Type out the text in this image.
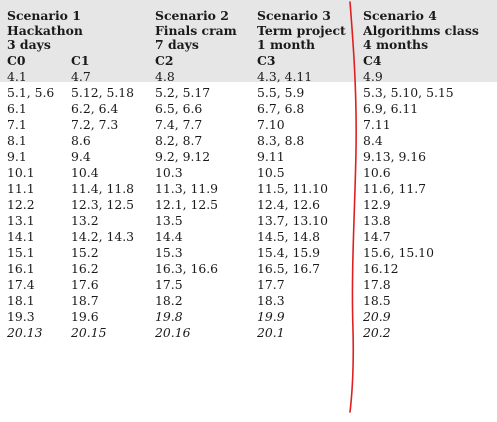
Scenario 1		Scenario 2	Scenario 3	Scenario 4
Hackathon		Finals cram	Term project	Algorithms class
3 days		7 days	1 month	4 months
C0	C1	C2	C3	C4
4.1	4.7	4.8	4.3, 4.11	4.9
5.1, 5.6	5.12, 5.18	5.2, 5.17	5.5, 5.9	5.3, 5.10, 5.15
6.1	6.2, 6.4	6.5, 6.6	6.7, 6.8	6.9, 6.11
7.1	7.2, 7.3	7.4, 7.7	7.10	7.11
8.1	8.6	8.2, 8.7	8.3, 8.8	8.4
9.1	9.4	9.2, 9.12	9.11	9.13, 9.16
10.1	10.4	10.3	10.5	10.6
11.1	11.4, 11.8	11.3, 11.9	11.5, 11.10	11.6, 11.7
12.2	12.3, 12.5	12.1, 12.5	12.4, 12.6	12.9
13.1	13.2	13.5	13.7, 13.10	13.8
14.1	14.2, 14.3	14.4	14.5, 14.8	14.7
15.1	15.2	15.3	15.4, 15.9	15.6, 15.10
16.1	16.2	16.3, 16.6	16.5, 16.7	16.12
17.4	17.6	17.5	17.7	17.8
18.1	18.7	18.2	18.3	18.5
19.3	19.6	19.8	19.9	20.9
20.13	20.15	20.16	20.1	20.2
